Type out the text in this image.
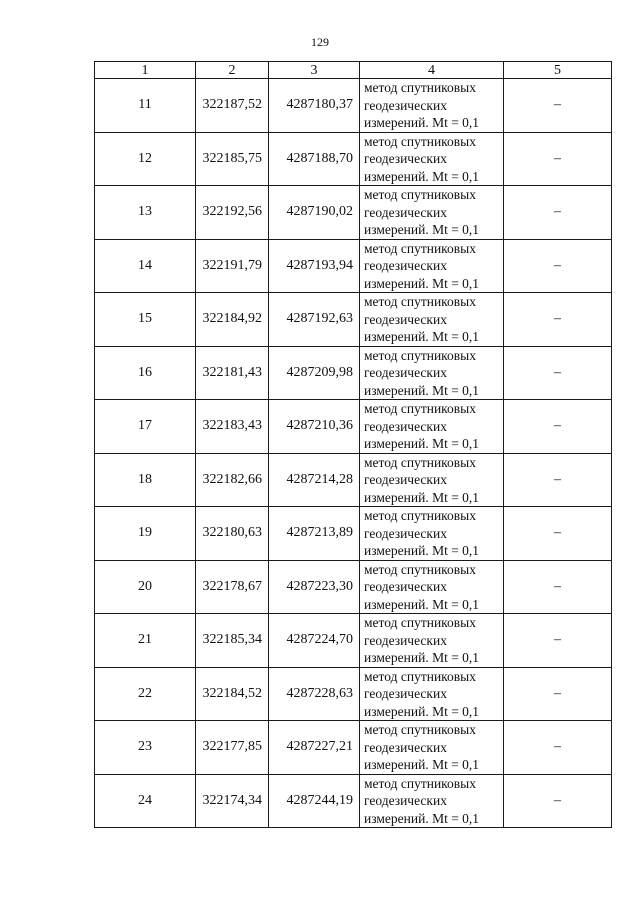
129
1	2	3	4	5
11	322187,52	4287180,37	метод спутниковых
геодезических
измерений. Mt = 0,1	–
12	322185,75	4287188,70	метод спутниковых
геодезических
измерений. Mt = 0,1	–
13	322192,56	4287190,02	метод спутниковых
геодезических
измерений. Mt = 0,1	–
14	322191,79	4287193,94	метод спутниковых
геодезических
измерений. Mt = 0,1	–
15	322184,92	4287192,63	метод спутниковых
геодезических
измерений. Mt = 0,1	–
16	322181,43	4287209,98	метод спутниковых
геодезических
измерений. Mt = 0,1	–
17	322183,43	4287210,36	метод спутниковых
геодезических
измерений. Mt = 0,1	–
18	322182,66	4287214,28	метод спутниковых
геодезических
измерений. Mt = 0,1	–
19	322180,63	4287213,89	метод спутниковых
геодезических
измерений. Mt = 0,1	–
20	322178,67	4287223,30	метод спутниковых
геодезических
измерений. Mt = 0,1	–
21	322185,34	4287224,70	метод спутниковых
геодезических
измерений. Mt = 0,1	–
22	322184,52	4287228,63	метод спутниковых
геодезических
измерений. Mt = 0,1	–
23	322177,85	4287227,21	метод спутниковых
геодезических
измерений. Mt = 0,1	–
24	322174,34	4287244,19	метод спутниковых
геодезических
измерений. Mt = 0,1	–
